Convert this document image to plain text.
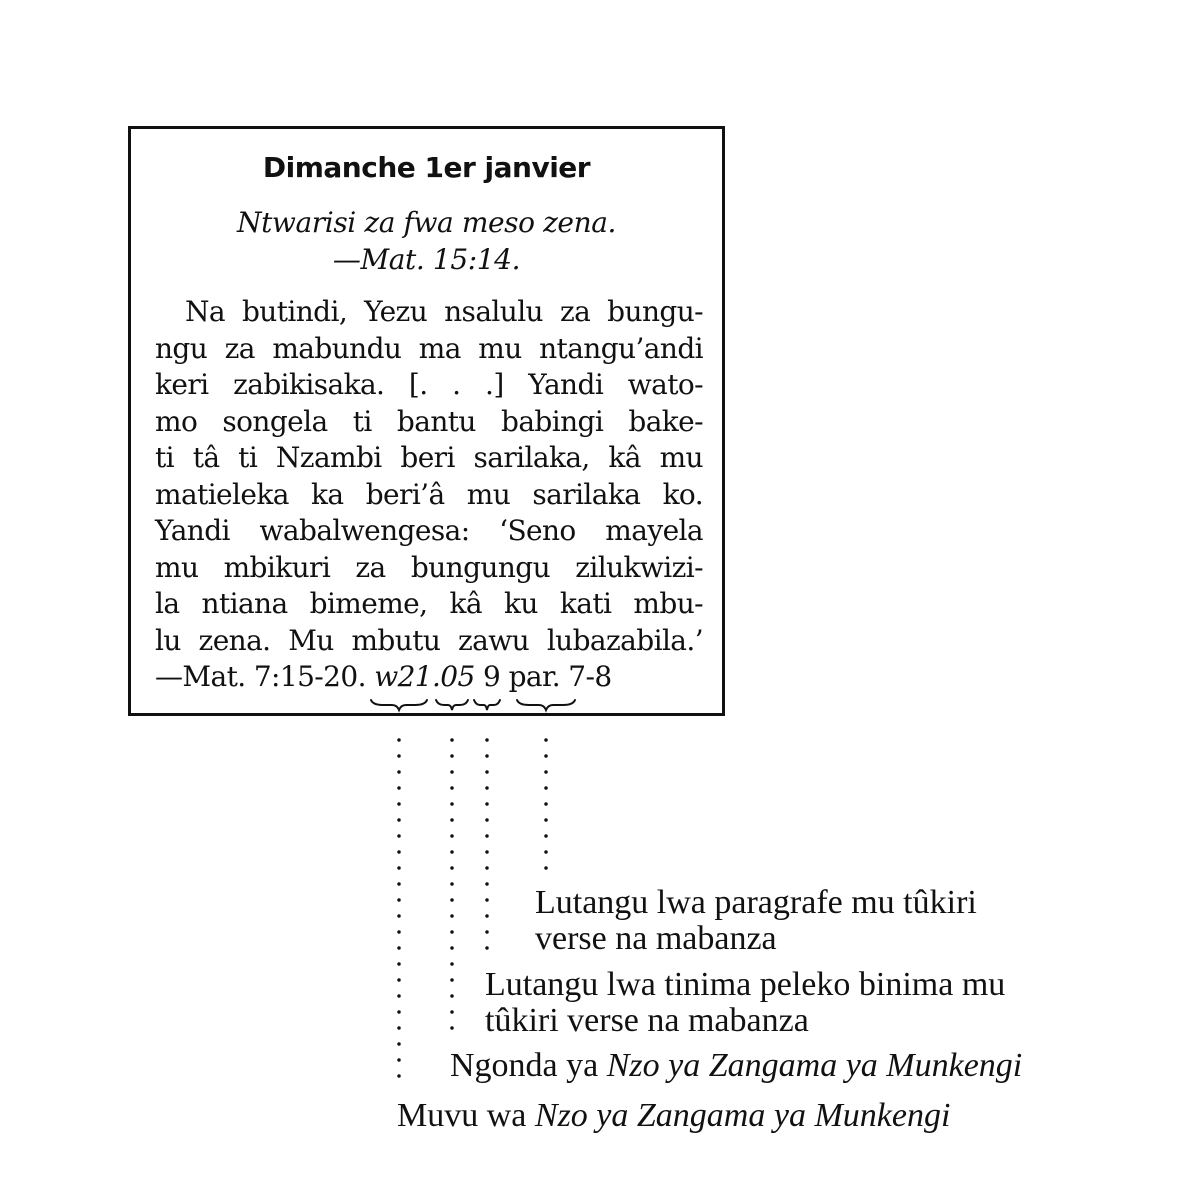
Dimanche 1er janvier
Ntwarisi za fwa meso zena.
—Mat. 15:14.
Na butindi, Yezu nsalulu za bungu-
ngu za mabundu ma mu ntangu’andi
keri zabikisaka. [. . .] Yandi wato-
mo songela ti bantu babingi bake-
ti tâ ti Nzambi beri sarilaka, kâ mu
matieleka ka beri’â mu sarilaka ko.
Yandi wabalwengesa: ‘Seno mayela
mu mbikuri za bungungu zilukwizi-
la ntiana bimeme, kâ ku kati mbu-
lu zena. Mu mbutu zawu lubazabila.’
—Mat. 7:15-20. w21.05 9 par. 7-8
Lutangu lwa paragrafe mu tûkiri
verse na mabanza
Lutangu lwa tinima peleko binima mu
tûkiri verse na mabanza
Ngonda ya Nzo ya Zangama ya Munkengi
Muvu wa Nzo ya Zangama ya Munkengi
